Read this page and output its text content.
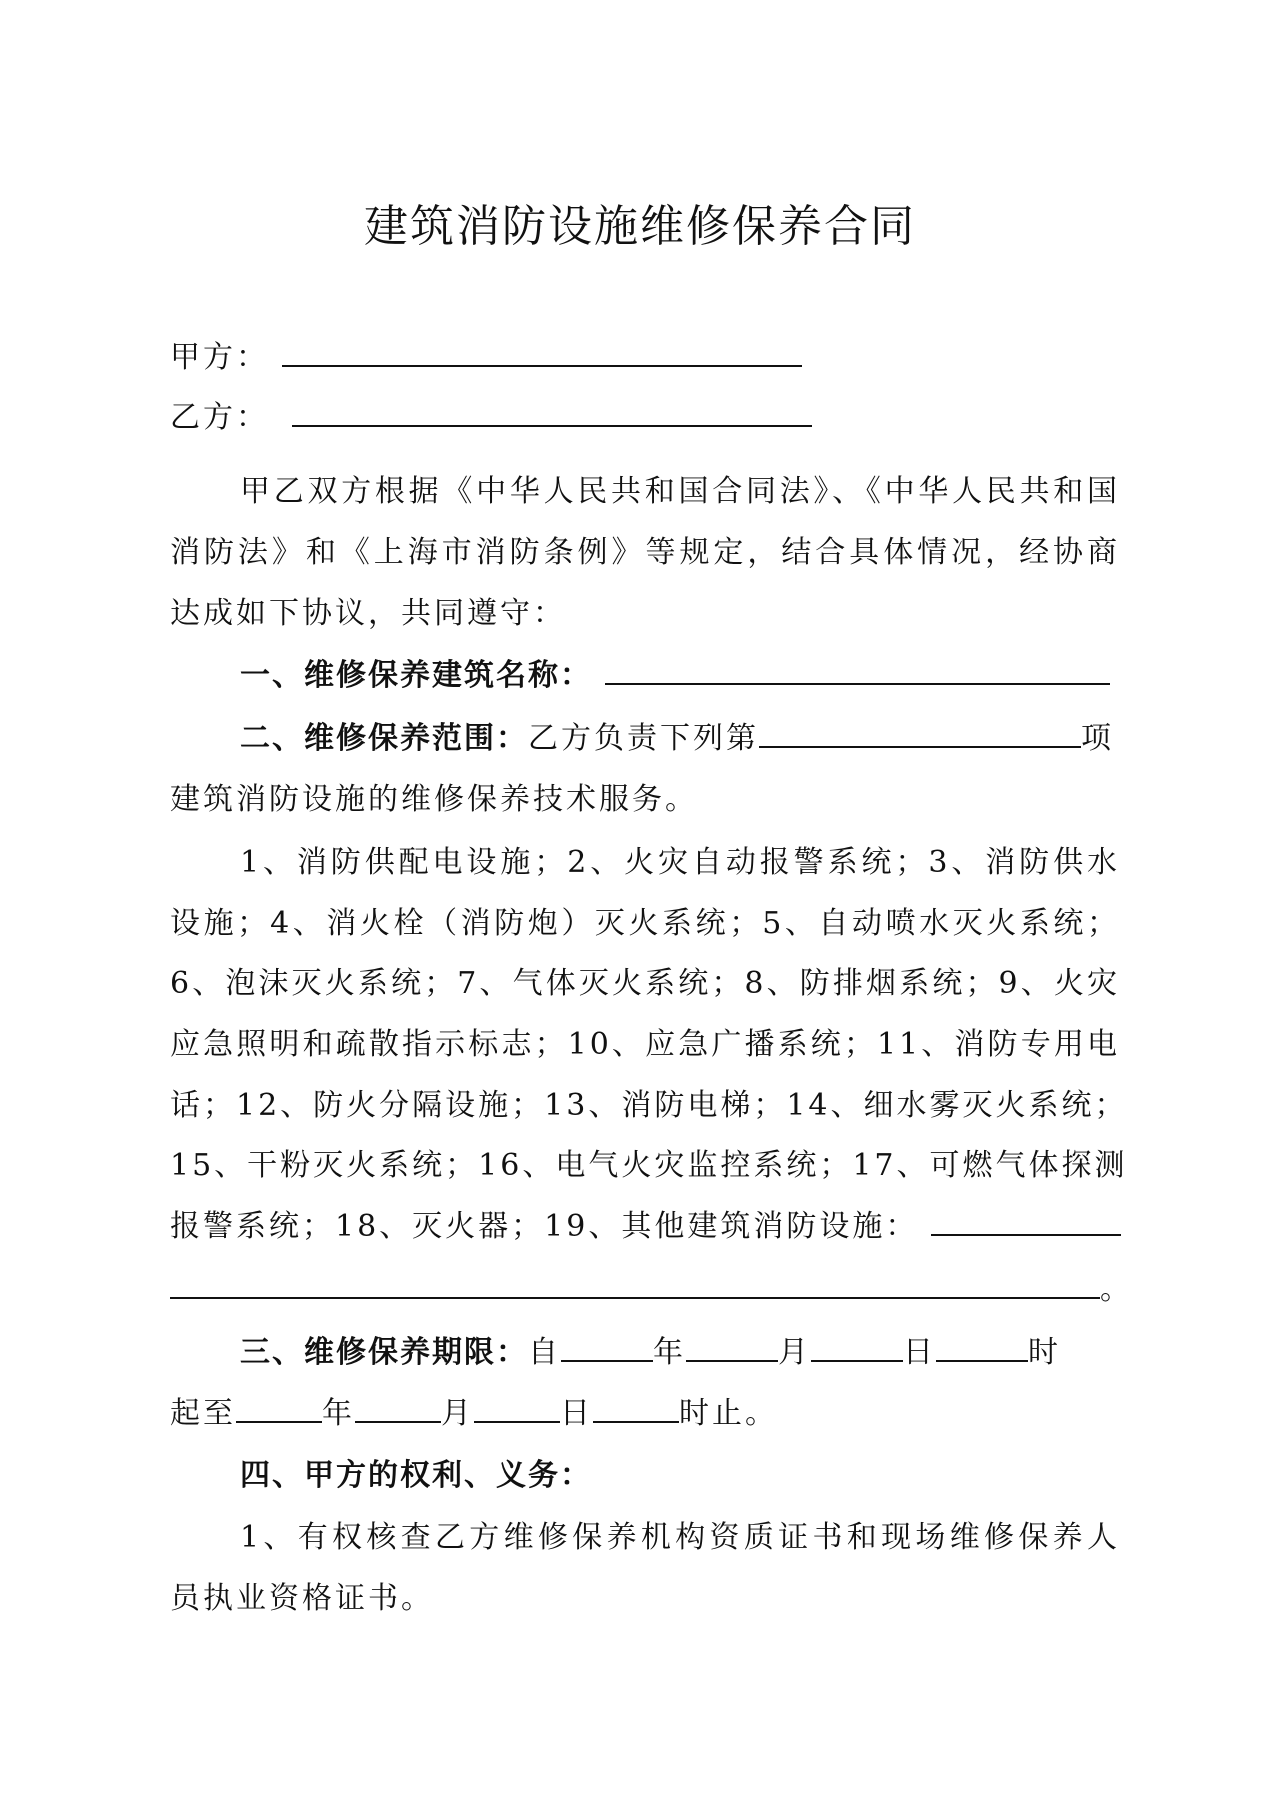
建筑消防设施维修保养合同
甲方：
乙方：
甲乙双方根据《中华人民共和国合同法》、《中华人民共和国
消防法》和《上海市消防条例》等规定，结合具体情况，经协商
达成如下协议，共同遵守：
一、维修保养建筑名称：
二、维修保养范围：乙方负责下列第	项
建筑消防设施的维修保养技术服务。
1、消防供配电设施；2、火灾自动报警系统；3、消防供水
设施；4、消火栓（消防炮）灭火系统；5、自动喷水灭火系统；
6、泡沫灭火系统；7、气体灭火系统；8、防排烟系统；9、火灾
应急照明和疏散指示标志；10、应急广播系统；11、消防专用电
话；12、防火分隔设施；13、消防电梯；14、细水雾灭火系统；
15、干粉灭火系统；16、电气火灾监控系统；17、可燃气体探测
报警系统；18、灭火器；19、其他建筑消防设施：
。
三、维修保养期限：自	年	月	日	时
起至	年	月	日	时止。
四、甲方的权利、义务：
1、有权核查乙方维修保养机构资质证书和现场维修保养人
员执业资格证书。
